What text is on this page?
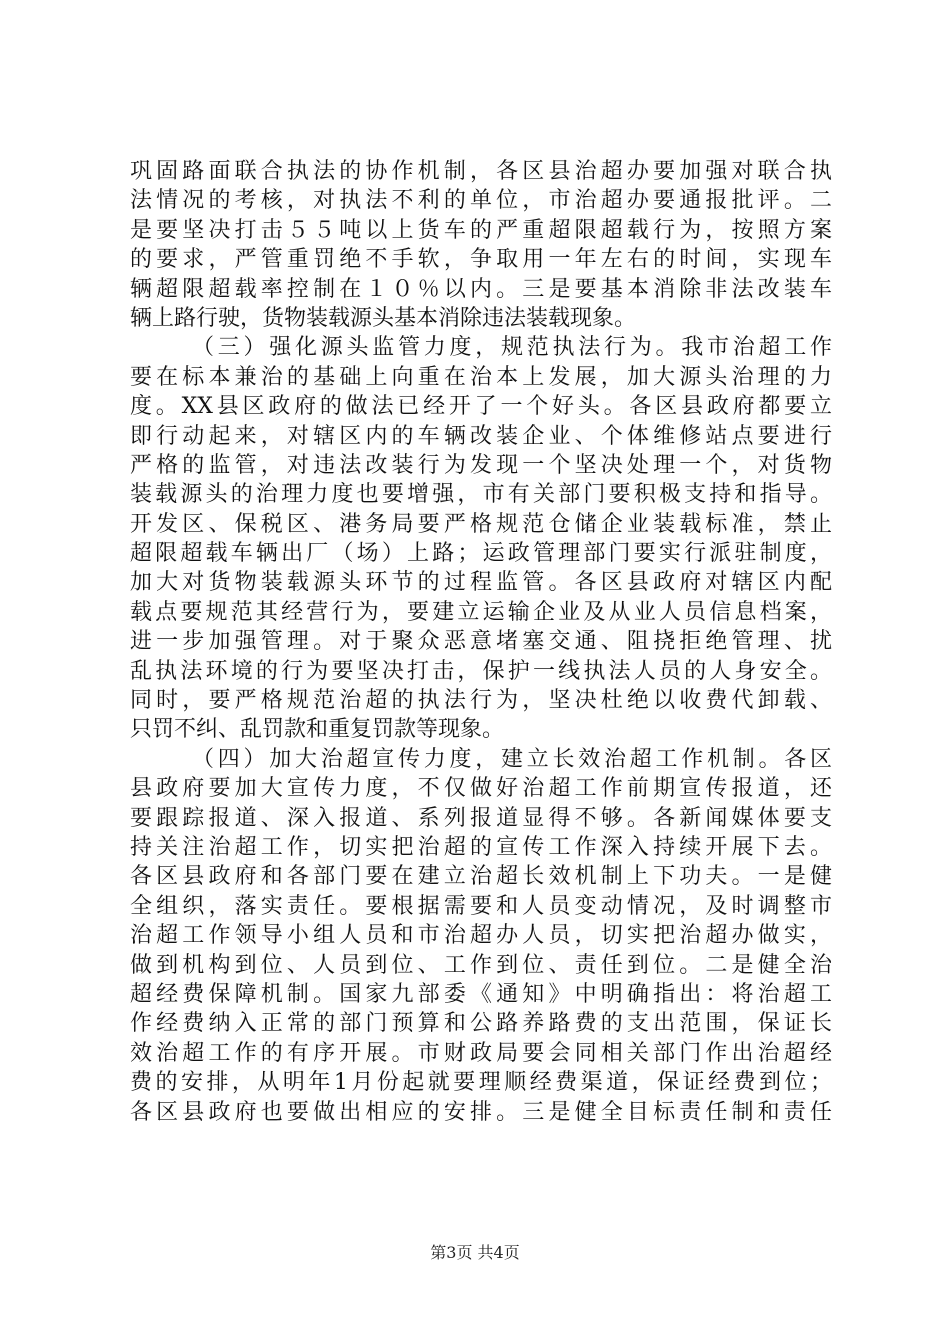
巩固路面联合执法的协作机制，各区县治超办要加强对联合执
法情况的考核，对执法不利的单位，市治超办要通报批评。二
是要坚决打击５５吨以上货车的严重超限超载行为，按照方案
的要求，严管重罚绝不手软，争取用一年左右的时间，实现车
辆超限超载率控制在１０％以内。三是要基本消除非法改装车
辆上路行驶，货物装载源头基本消除违法装载现象。
（三）强化源头监管力度，规范执法行为。我市治超工作
要在标本兼治的基础上向重在治本上发展，加大源头治理的力
度。XX县区政府的做法已经开了一个好头。各区县政府都要立
即行动起来，对辖区内的车辆改装企业、个体维修站点要进行
严格的监管，对违法改装行为发现一个坚决处理一个，对货物
装载源头的治理力度也要增强，市有关部门要积极支持和指导。
开发区、保税区、港务局要严格规范仓储企业装载标准，禁止
超限超载车辆出厂（场）上路；运政管理部门要实行派驻制度，
加大对货物装载源头环节的过程监管。各区县政府对辖区内配
载点要规范其经营行为，要建立运输企业及从业人员信息档案，
进一步加强管理。对于聚众恶意堵塞交通、阻挠拒绝管理、扰
乱执法环境的行为要坚决打击，保护一线执法人员的人身安全。
同时，要严格规范治超的执法行为，坚决杜绝以收费代卸载、
只罚不纠、乱罚款和重复罚款等现象。
（四）加大治超宣传力度，建立长效治超工作机制。各区
县政府要加大宣传力度，不仅做好治超工作前期宣传报道，还
要跟踪报道、深入报道、系列报道显得不够。各新闻媒体要支
持关注治超工作，切实把治超的宣传工作深入持续开展下去。
各区县政府和各部门要在建立治超长效机制上下功夫。一是健
全组织，落实责任。要根据需要和人员变动情况，及时调整市
治超工作领导小组人员和市治超办人员，切实把治超办做实，
做到机构到位、人员到位、工作到位、责任到位。二是健全治
超经费保障机制。国家九部委《通知》中明确指出：将治超工
作经费纳入正常的部门预算和公路养路费的支出范围，保证长
效治超工作的有序开展。市财政局要会同相关部门作出治超经
费的安排，从明年1月份起就要理顺经费渠道，保证经费到位；
各区县政府也要做出相应的安排。三是健全目标责任制和责任
第3页 共4页
